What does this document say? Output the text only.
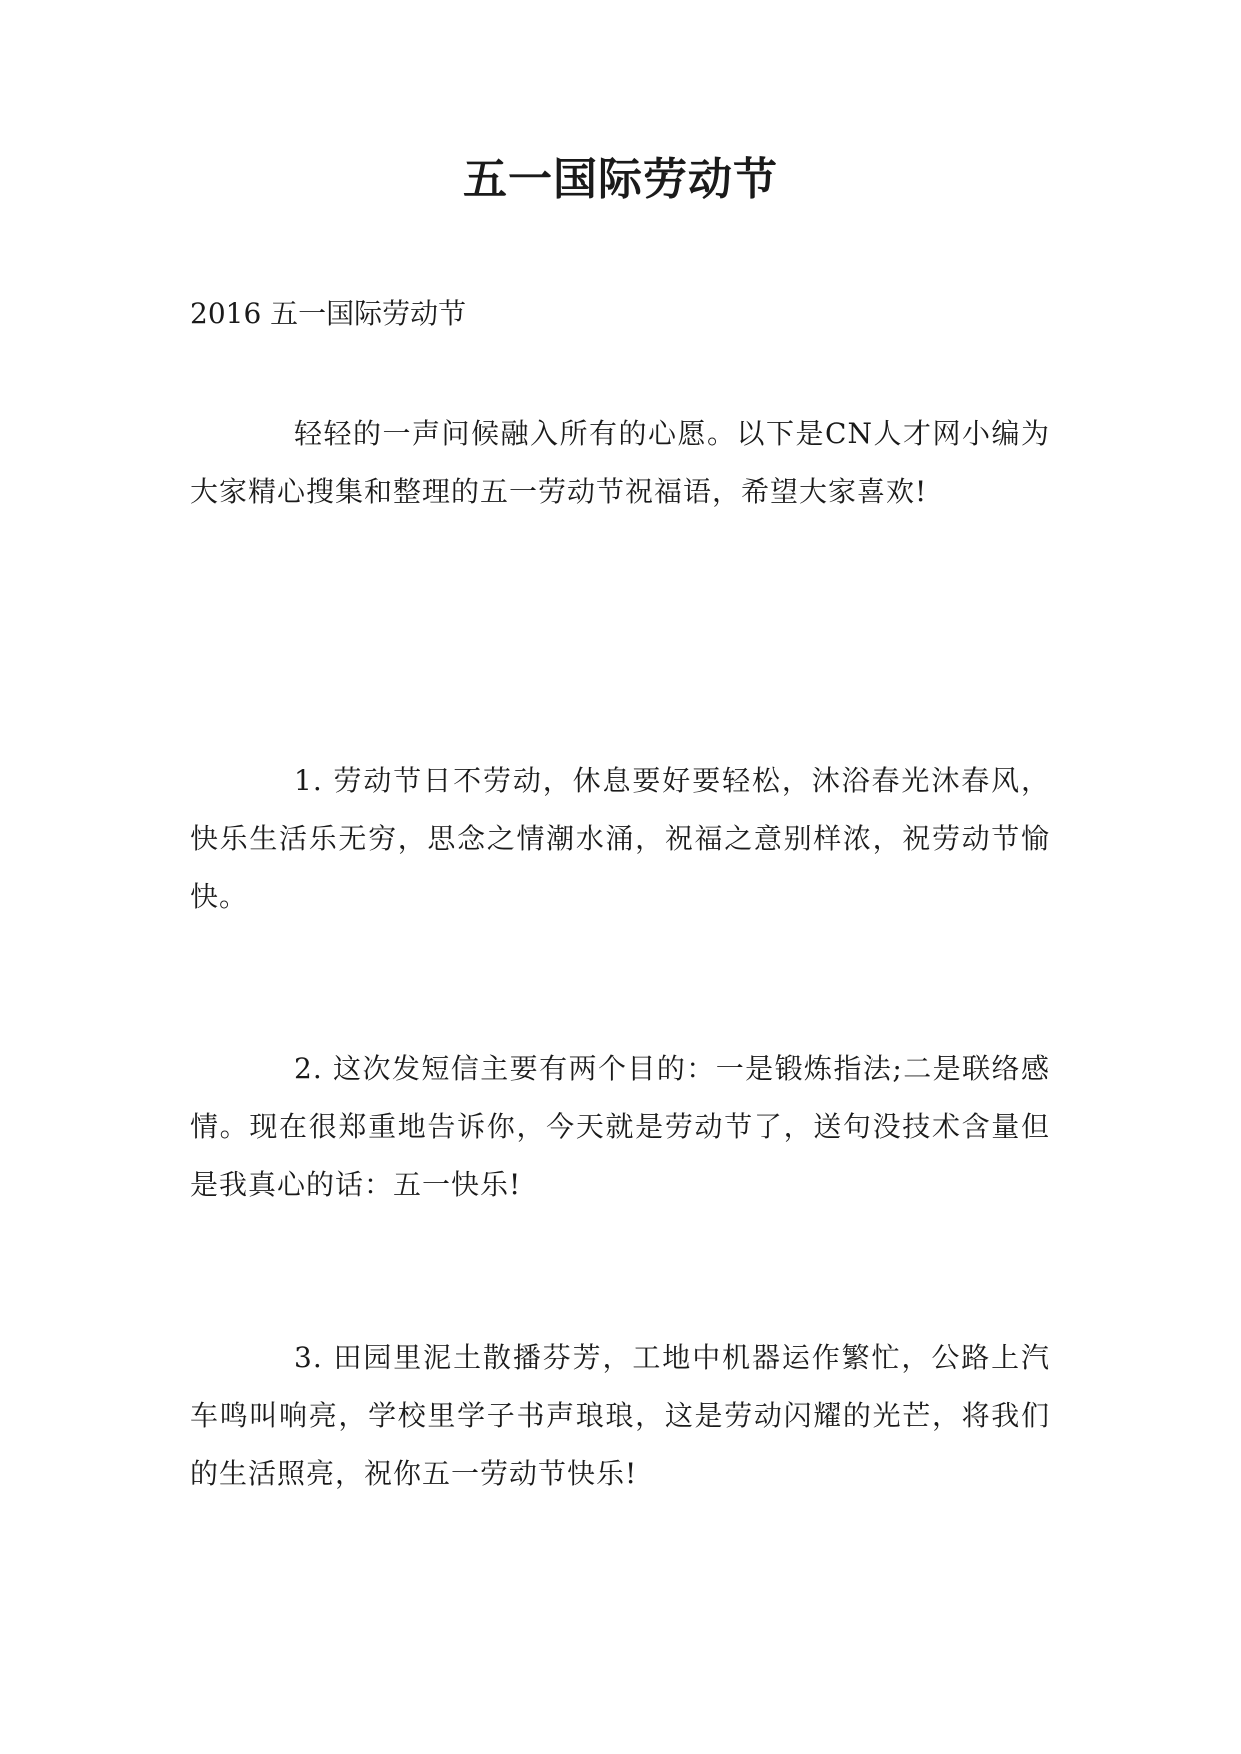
五一国际劳动节

2016 五一国际劳动节

轻轻的一声问候融入所有的心愿。以下是CN人才网小编为大家精心搜集和整理的五一劳动节祝福语，希望大家喜欢!

1. 劳动节日不劳动，休息要好要轻松，沐浴春光沐春风，快乐生活乐无穷，思念之情潮水涌，祝福之意别样浓，祝劳动节愉快。

2. 这次发短信主要有两个目的：一是锻炼指法;二是联络感情。现在很郑重地告诉你，今天就是劳动节了，送句没技术含量但是我真心的话：五一快乐!

3. 田园里泥土散播芬芳，工地中机器运作繁忙，公路上汽车鸣叫响亮，学校里学子书声琅琅，这是劳动闪耀的光芒，将我们的生活照亮，祝你五一劳动节快乐!
